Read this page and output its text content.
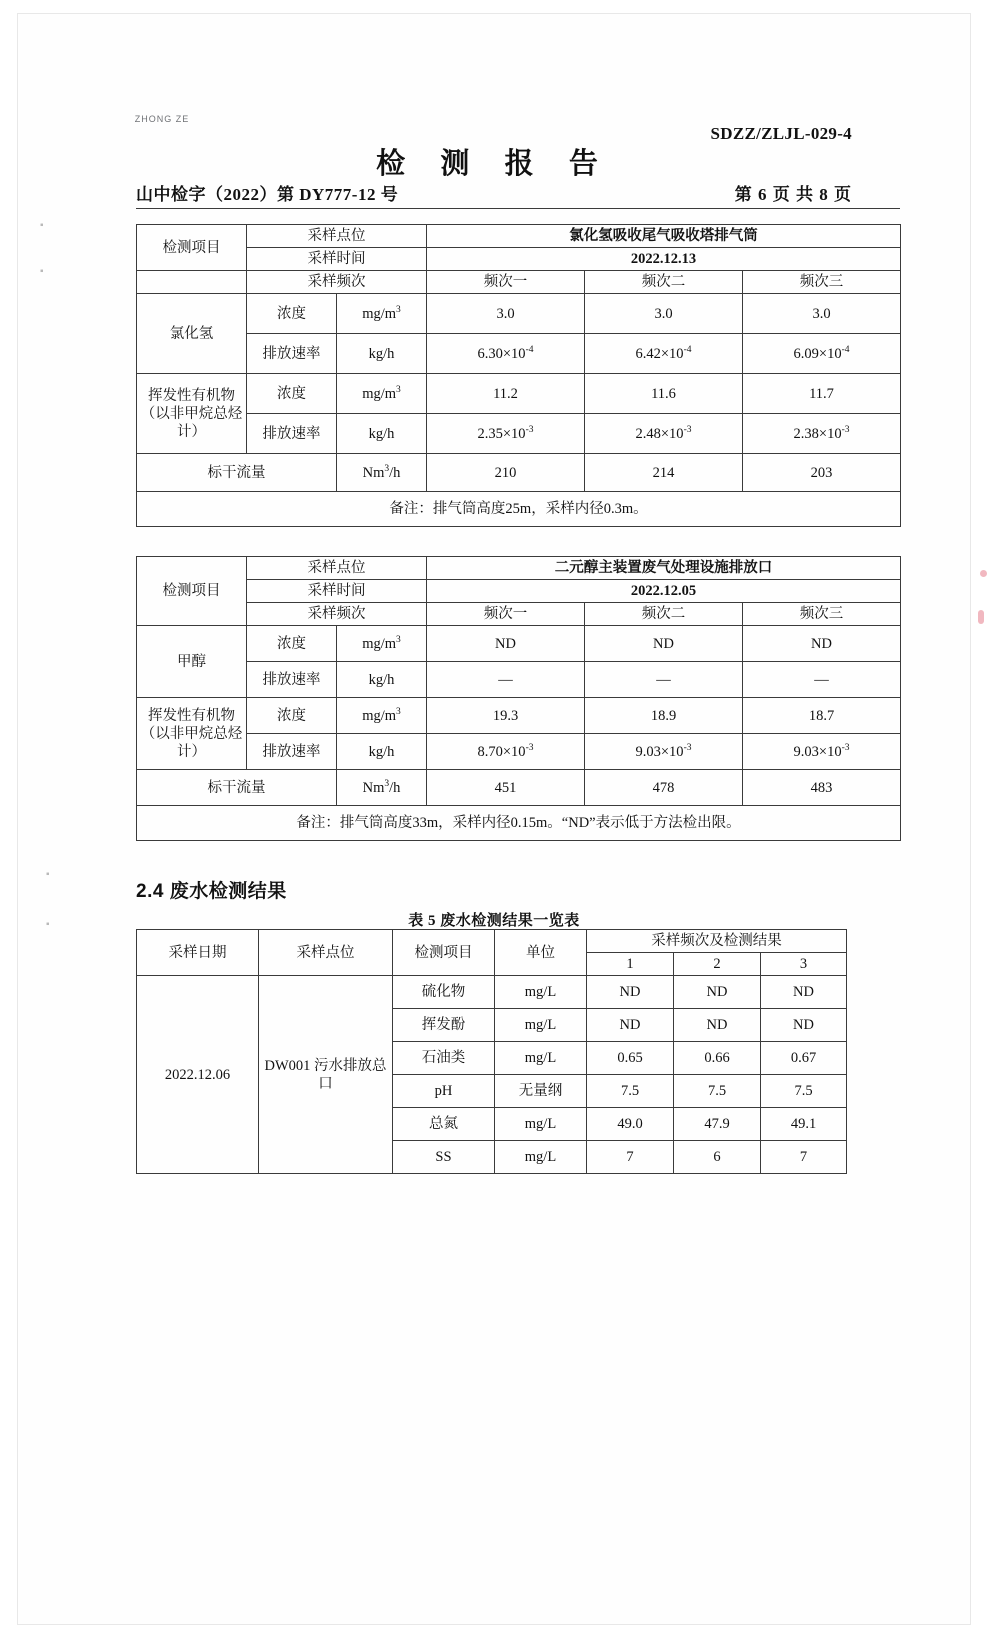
ZHONG ZE
SDZZ/ZLJL-029-4
检 测 报 告
山中检字（2022）第 DY777-12 号	第 6 页 共 8 页
检测项目	采样点位		氯化氢吸收尾气吸收塔排气筒		
	采样时间		2022.12.13		
	采样频次		频次一	频次二	频次三
氯化氢	浓度	$mg/m^3$	3.0	3.0	3.0
	排放速率	kg/h	$6.30\times 10^{-4}$	$6.42\times 10^{-4}$	$6.09\times 10^{-4}$
挥发性有机物（以非甲烷总烃计）	浓度	$mg/m^3$	11.2	11.6	11.7
	排放速率	kg/h	$2.35\times 10^{-3}$	$2.48\times 10^{-3}$	$2.38\times 10^{-3}$
标干流量		Nm$^3$/h	210	214	203
备注：排气筒高度25m，采样内径0.3m。					
检测项目	采样点位		二元醇主装置废气处理设施排放口		
	采样时间		2022.12.05		
	采样频次		频次一	频次二	频次三
甲醇	浓度	$mg/m^3$	ND	ND	ND
	排放速率	kg/h	—	—	—
挥发性有机物（以非甲烷总烃计）	浓度	$mg/m^3$	19.3	18.9	18.7
	排放速率	kg/h	$8.70\times 10^{-3}$	$9.03\times 10^{-3}$	$9.03\times 10^{-3}$
标干流量		Nm$^3$/h	451	478	483
备注：排气筒高度33m，采样内径0.15m。“ND”表示低于方法检出限。					
2.4 废水检测结果
表 5 废水检测结果一览表
采样日期	采样点位	检测项目	单位	采样频次及检测结果		
				1	2	3
2022.12.06	DW001 污水排放总口	硫化物	mg/L	ND	ND	ND
		挥发酚	mg/L	ND	ND	ND
		石油类	mg/L	0.65	0.66	0.67
		pH	无量纲	7.5	7.5	7.5
		总氮	mg/L	49.0	47.9	49.1
		SS	mg/L	7	6	7
▪
▪
▪
▪
